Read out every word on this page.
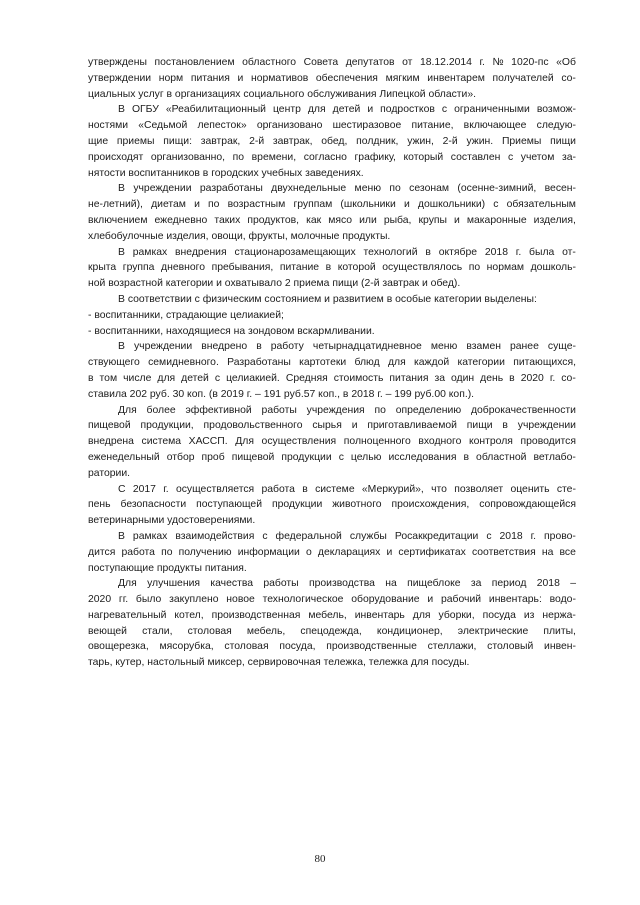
утверждены постановлением областного Совета депутатов от 18.12.2014 г. № 1020-пс «Об
утверждении норм питания и нормативов обеспечения мягким инвентарем получателей со-
циальных услуг в организациях социального обслуживания Липецкой области».
В ОГБУ «Реабилитационный центр для детей и подростков с ограниченными возмож-
ностями «Седьмой лепесток» организовано шестиразовое питание, включающее следую-
щие приемы пищи: завтрак, 2-й завтрак, обед, полдник, ужин, 2-й ужин. Приемы пищи
происходят организованно, по времени, согласно графику, который составлен с учетом за-
нятости воспитанников в городских учебных заведениях.
В учреждении разработаны двухнедельные меню по сезонам (осенне-зимний, весен-
не-летний), диетам и по возрастным группам (школьники и дошкольники) с обязательным
включением ежедневно таких продуктов, как мясо или рыба, крупы и макаронные изделия,
хлебобулочные изделия, овощи, фрукты, молочные продукты.
В рамках внедрения стационарозамещающих технологий в октябре 2018 г. была от-
крыта группа дневного пребывания, питание в которой осуществлялось по нормам дошколь-
ной возрастной категории и охватывало 2 приема пищи (2-й завтрак и обед).
В соответствии с физическим состоянием и развитием в особые категории выделены:
- воспитанники, страдающие целиакией;
- воспитанники, находящиеся на зондовом вскармливании.
В учреждении внедрено в работу четырнадцатидневное меню взамен ранее суще-
ствующего семидневного. Разработаны картотеки блюд для каждой категории питающихся,
в том числе для детей с целиакией. Средняя стоимость питания за один день в 2020 г. со-
ставила 202 руб. 30 коп. (в 2019 г. – 191 руб.57 коп., в 2018 г. – 199 руб.00 коп.).
Для более эффективной работы учреждения по определению доброкачественности
пищевой продукции, продовольственного сырья и приготавливаемой пищи в учреждении
внедрена система ХАССП. Для осуществления полноценного входного контроля проводится
еженедельный отбор проб пищевой продукции с целью исследования в областной ветлабо-
ратории.
С 2017 г. осуществляется работа в системе «Меркурий», что позволяет оценить сте-
пень безопасности поступающей продукции животного происхождения, сопровождающейся
ветеринарными удостоверениями.
В рамках взаимодействия с федеральной службы Росаккредитации с 2018 г. прово-
дится работа по получению информации о декларациях и сертификатах соответствия на все
поступающие продукты питания.
Для улучшения качества работы производства на пищеблоке за период 2018 –
2020 гг. было закуплено новое технологическое оборудование и рабочий инвентарь: водо-
нагревательный котел, производственная мебель, инвентарь для уборки, посуда из нержа-
веющей стали, столовая мебель, спецодежда, кондиционер, электрические плиты,
овощерезка, мясорубка, столовая посуда, производственные стеллажи, столовый инвен-
тарь, кутер, настольный миксер, сервировочная тележка, тележка для посуды.
80
